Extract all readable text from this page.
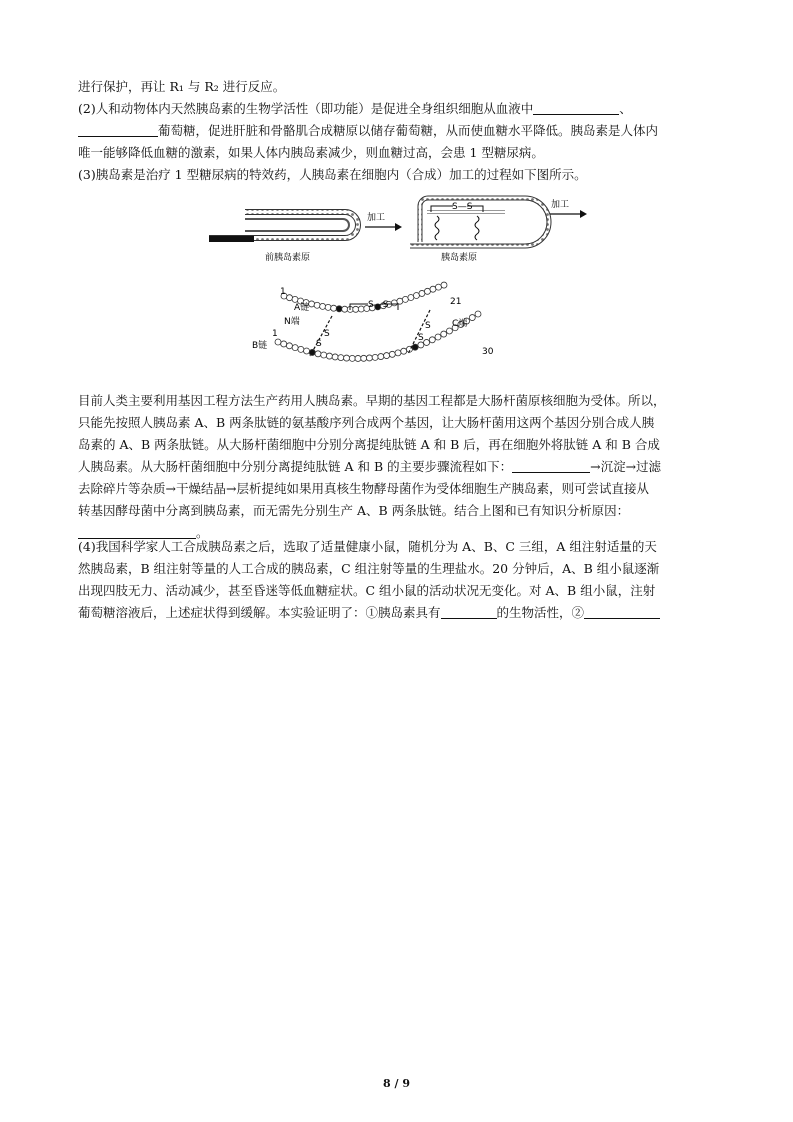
进行保护，再让 R₁ 与 R₂ 进行反应。
(2)人和动物体内天然胰岛素的生物学活性（即功能）是促进全身组织细胞从血液中	、
葡萄糖，促进肝脏和骨骼肌合成糖原以储存葡萄糖，从而使血糖水平降低。胰岛素是人体内
唯一能够降低血糖的激素，如果人体内胰岛素减少，则血糖过高，会患 1 型糖尿病。
(3)胰岛素是治疗 1 型糖尿病的特效药，人胰岛素在细胞内（合成）加工的过程如下图所示。
前胰岛素原
加工
S—S
胰岛素原
加工
S—S
S
S
S
S
1
A链
N端
1
B链
21
C端
30
目前人类主要利用基因工程方法生产药用人胰岛素。早期的基因工程都是大肠杆菌原核细胞为受体。所以，
只能先按照人胰岛素 A、B 两条肽链的氨基酸序列合成两个基因，让大肠杆菌用这两个基因分别合成人胰
岛素的 A、B 两条肽链。从大肠杆菌细胞中分别分离提纯肽链 A 和 B 后，再在细胞外将肽链 A 和 B 合成
人胰岛素。从大肠杆菌细胞中分别分离提纯肽链 A 和 B 的主要步骤流程如下：	→沉淀→过滤
去除碎片等杂质→干燥结晶→层析提纯如果用真核生物酵母菌作为受体细胞生产胰岛素，则可尝试直接从
转基因酵母菌中分离到胰岛素，而无需先分别生产 A、B 两条肽链。结合上图和已有知识分析原因：
。
(4)我国科学家人工合成胰岛素之后，选取了适量健康小鼠，随机分为 A、B、C 三组，A 组注射适量的天
然胰岛素，B 组注射等量的人工合成的胰岛素，C 组注射等量的生理盐水。20 分钟后，A、B 组小鼠逐渐
出现四肢无力、活动减少，甚至昏迷等低血糖症状。C 组小鼠的活动状况无变化。对 A、B 组小鼠，注射
葡萄糖溶液后，上述症状得到缓解。本实验证明了：①胰岛素具有	的生物活性，②
8 / 9
